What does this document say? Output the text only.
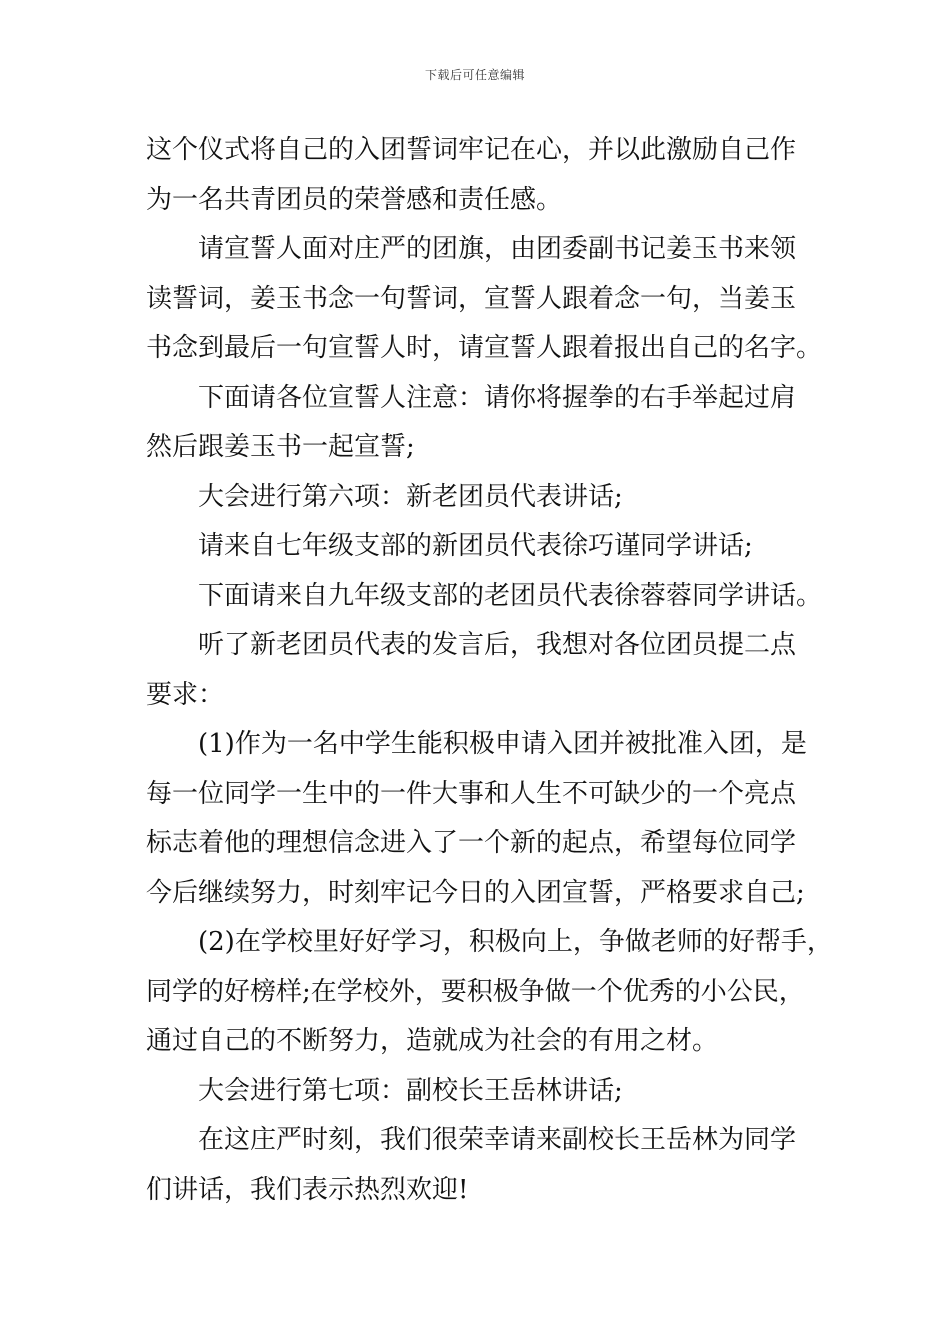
下载后可任意编辑
这个仪式将自己的入团誓词牢记在心，并以此激励自己作
为一名共青团员的荣誉感和责任感。
请宣誓人面对庄严的团旗，由团委副书记姜玉书来领
读誓词，姜玉书念一句誓词，宣誓人跟着念一句，当姜玉
书念到最后一句宣誓人时，请宣誓人跟着报出自己的名字。
下面请各位宣誓人注意：请你将握拳的右手举起过肩
然后跟姜玉书一起宣誓;
大会进行第六项：新老团员代表讲话;
请来自七年级支部的新团员代表徐巧谨同学讲话;
下面请来自九年级支部的老团员代表徐蓉蓉同学讲话。
听了新老团员代表的发言后，我想对各位团员提二点
要求：
(1)作为一名中学生能积极申请入团并被批准入团，是
每一位同学一生中的一件大事和人生不可缺少的一个亮点
标志着他的理想信念进入了一个新的起点，希望每位同学
今后继续努力，时刻牢记今日的入团宣誓，严格要求自己;
(2)在学校里好好学习，积极向上，争做老师的好帮手，
同学的好榜样;在学校外，要积极争做一个优秀的小公民，
通过自己的不断努力，造就成为社会的有用之材。
大会进行第七项：副校长王岳林讲话;
在这庄严时刻，我们很荣幸请来副校长王岳林为同学
们讲话，我们表示热烈欢迎!
